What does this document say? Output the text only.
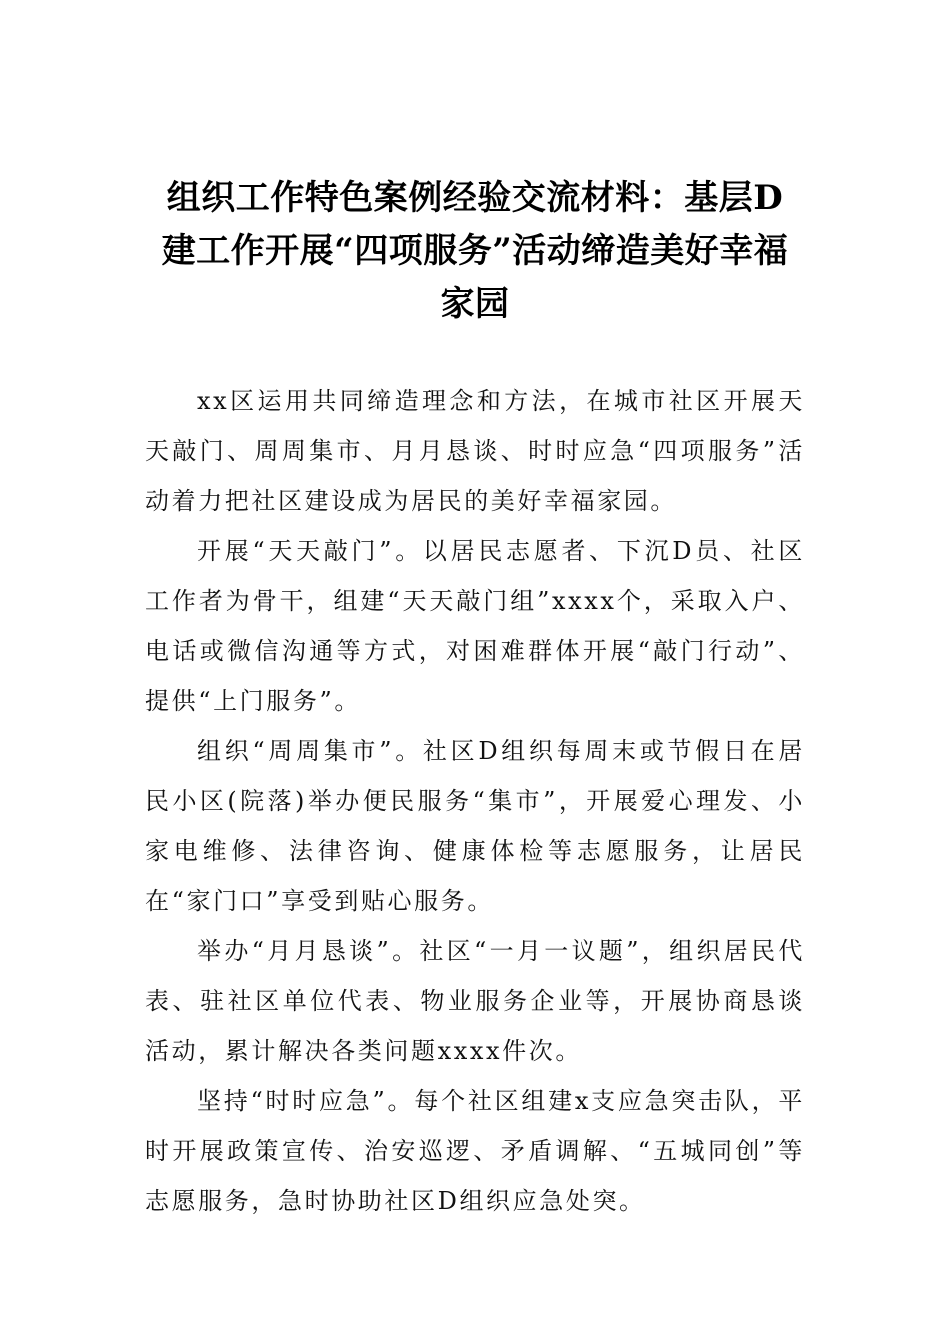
组织工作特色案例经验交流材料：基层D建工作开展“四项服务”活动缔造美好幸福家园

xx区运用共同缔造理念和方法，在城市社区开展天天敲门、周周集市、月月恳谈、时时应急“四项服务”活动着力把社区建设成为居民的美好幸福家园。

开展“天天敲门”。以居民志愿者、下沉D员、社区工作者为骨干，组建“天天敲门组”xxxx个，采取入户、电话或微信沟通等方式，对困难群体开展“敲门行动”、提供“上门服务”。

组织“周周集市”。社区D组织每周末或节假日在居民小区(院落)举办便民服务“集市”，开展爱心理发、小家电维修、法律咨询、健康体检等志愿服务，让居民在“家门口”享受到贴心服务。

举办“月月恳谈”。社区“一月一议题”，组织居民代表、驻社区单位代表、物业服务企业等，开展协商恳谈活动，累计解决各类问题xxxx件次。

坚持“时时应急”。每个社区组建x支应急突击队，平时开展政策宣传、治安巡逻、矛盾调解、“五城同创”等志愿服务，急时协助社区D组织应急处突。
